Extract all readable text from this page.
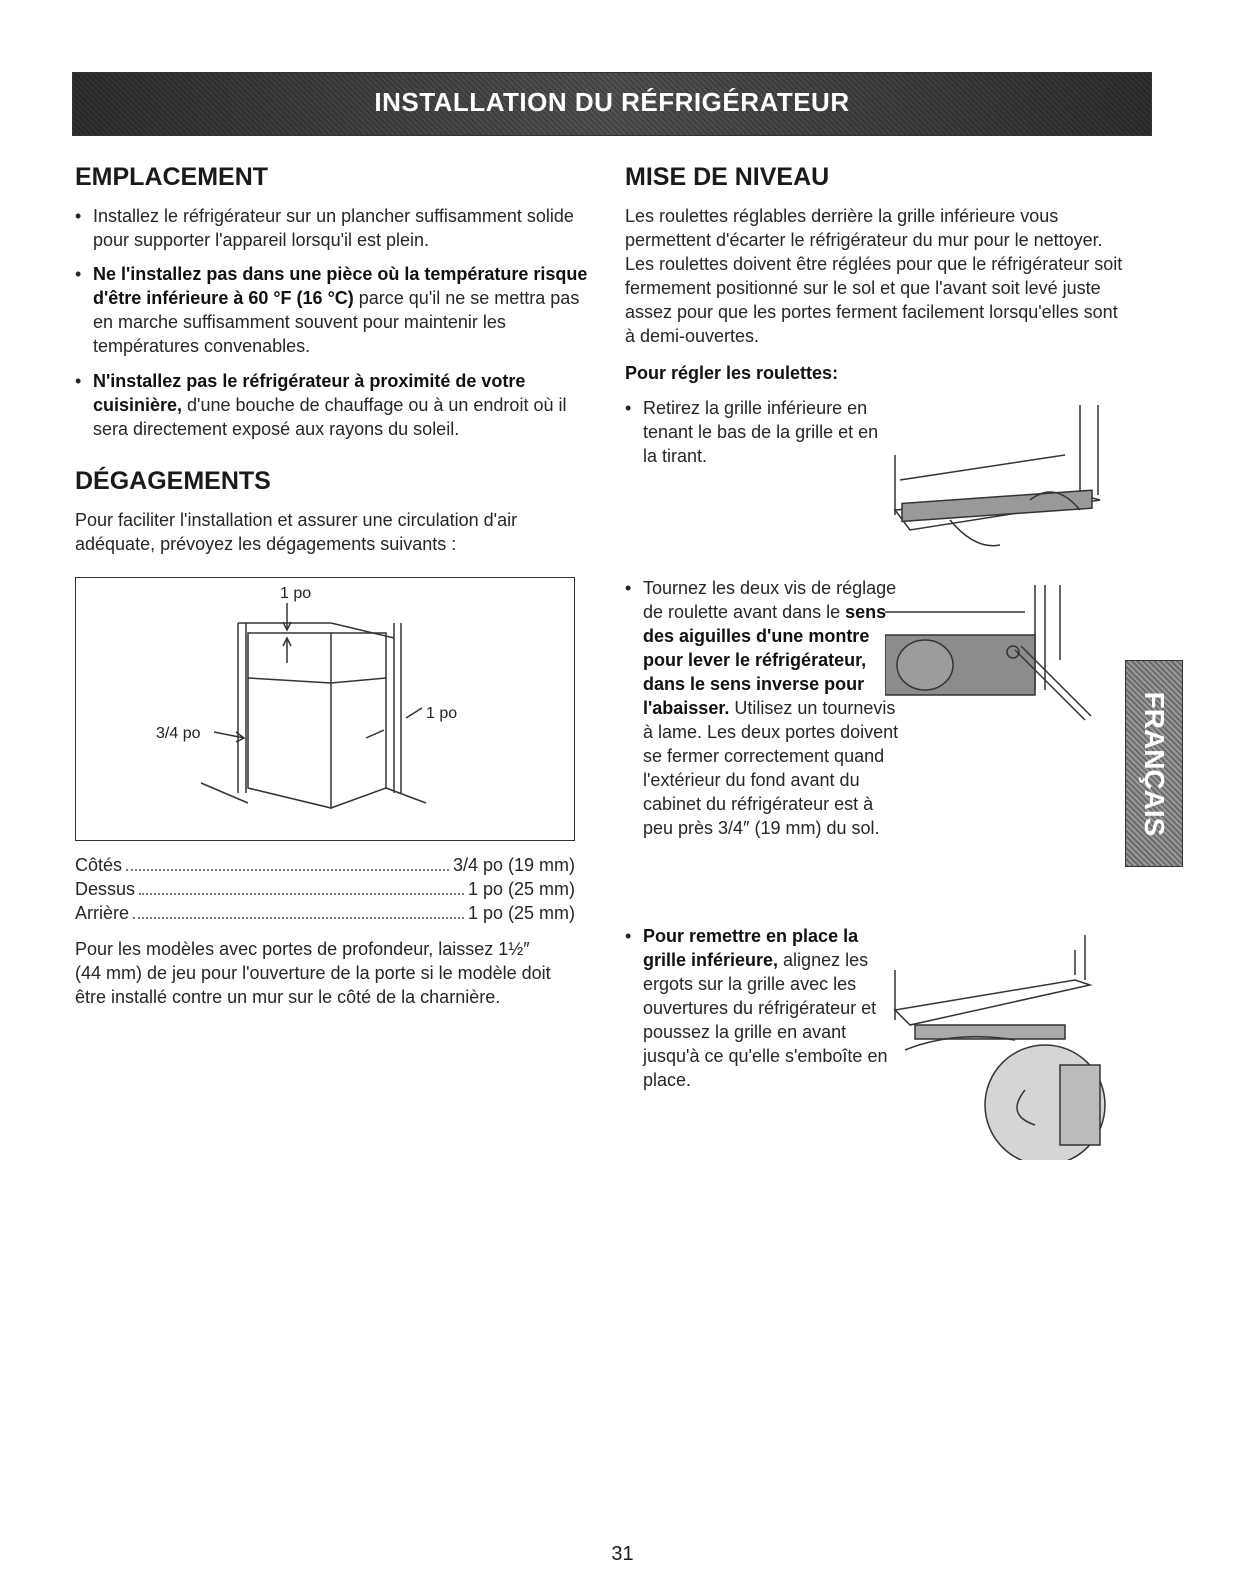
INSTALLATION DU RÉFRIGÉRATEUR
EMPLACEMENT
• Installez le réfrigérateur sur un plancher suffisamment solide pour supporter l'appareil lorsqu'il est plein.
• Ne l'installez pas dans une pièce où la température risque d'être inférieure à 60 °F (16 °C) parce qu'il ne se mettra pas en marche suffisamment souvent pour maintenir les températures convenables.
• N'installez pas le réfrigérateur à proximité de votre cuisinière, d'une bouche de chauffage ou à un endroit où il sera directement exposé aux rayons du soleil.
DÉGAGEMENTS
Pour faciliter l'installation et assurer une circulation d'air adéquate, prévoyez les dégagements suivants :
1 po
3/4 po
1 po
Côtés	3/4 po (19 mm)
Dessus	1 po (25 mm)
Arrière	1 po (25 mm)
Pour les modèles avec portes de profondeur, laissez 1½″ (44 mm) de jeu pour l'ouverture de la porte si le modèle doit être installé contre un mur sur le côté de la charnière.
MISE DE NIVEAU
Les roulettes réglables derrière la grille inférieure vous permettent d'écarter le réfrigérateur du mur pour le nettoyer. Les roulettes doivent être réglées pour que le réfrigérateur soit fermement positionné sur le sol et que l'avant soit levé juste assez pour que les portes ferment facilement lorsqu'elles sont à demi-ouvertes.
Pour régler les roulettes:
• Retirez la grille inférieure en tenant le bas de la grille et en la tirant.
• Tournez les deux vis de réglage de roulette avant dans le sens des aiguilles d'une montre pour lever le réfrigérateur, dans le sens inverse pour l'abaisser. Utilisez un tournevis à lame. Les deux portes doivent se fermer correctement quand l'extérieur du fond avant du cabinet du réfrigérateur est à peu près 3/4″ (19 mm) du sol.
• Pour remettre en place la grille inférieure, alignez les ergots sur la grille avec les ouvertures du réfrigérateur et poussez la grille en avant jusqu'à ce qu'elle s'emboîte en place.
FRANÇAIS
31
